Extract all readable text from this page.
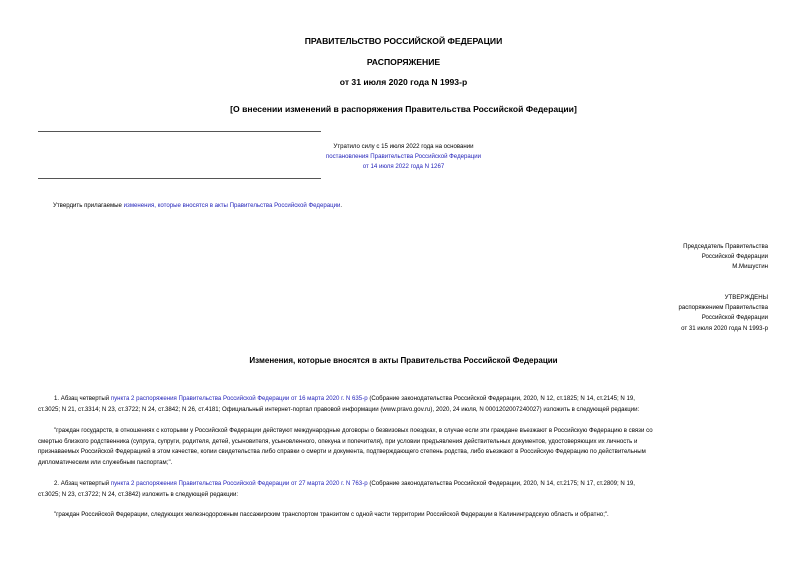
ПРАВИТЕЛЬСТВО РОССИЙСКОЙ ФЕДЕРАЦИИ
РАСПОРЯЖЕНИЕ
от 31 июля 2020 года N 1993-р
[О внесении изменений в распоряжения Правительства Российской Федерации]
Утратило силу с 15 июля 2022 года на основании
постановления Правительства Российской Федерации
от 14 июля 2022 года N 1267
Утвердить прилагаемые изменения, которые вносятся в акты Правительства Российской Федерации.
Председатель Правительства
Российской Федерации
М.Мишустин
УТВЕРЖДЕНЫ
распоряжением Правительства
Российской Федерации
от 31 июля 2020 года N 1993-р
Изменения, которые вносятся в акты Правительства Российской Федерации
1. Абзац четвертый пункта 2 распоряжения Правительства Российской Федерации от 16 марта 2020 г. N 635-р (Собрание законодательства Российской Федерации, 2020, N 12, ст.1825; N 14, ст.2145; N 19,
ст.3025; N 21, ст.3314; N 23, ст.3722; N 24, ст.3842; N 26, ст.4181; Официальный интернет-портал правовой информации (www.pravo.gov.ru), 2020, 24 июля, N 0001202007240027) изложить в следующей редакции:
"граждан государств, в отношениях с которыми у Российской Федерации действуют международные договоры о безвизовых поездках, в случае если эти граждане въезжают в Российскую Федерацию в связи со
смертью близкого родственника (супруга, супруги, родителя, детей, усыновителя, усыновленного, опекуна и попечителя), при условии предъявления действительных документов, удостоверяющих их личность и
признаваемых Российской Федерацией в этом качестве, копии свидетельства либо справки о смерти и документа, подтверждающего степень родства, либо въезжают в Российскую Федерацию по действительным
дипломатическим или служебным паспортам;".
2. Абзац четвертый пункта 2 распоряжения Правительства Российской Федерации от 27 марта 2020 г. N 763-р (Собрание законодательства Российской Федерации, 2020, N 14, ст.2175; N 17, ст.2809; N 19,
ст.3025; N 23, ст.3722; N 24, ст.3842) изложить в следующей редакции:
"граждан Российской Федерации, следующих железнодорожным пассажирским транспортом транзитом с одной части территории Российской Федерации в Калининградскую область и обратно;".
